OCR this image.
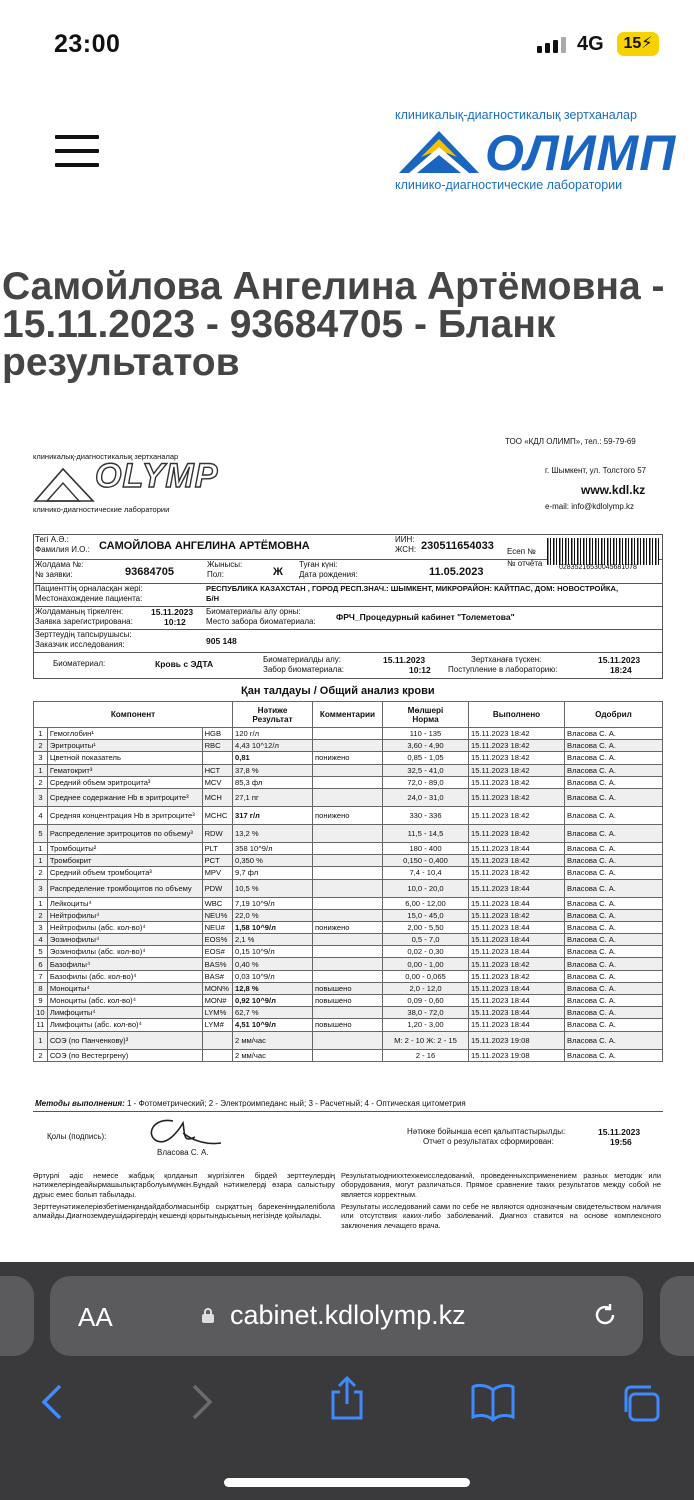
23:00	4G	15⚡
клиникалық-диагностикалық зертханалар
ОЛИМП
клинико-диагностические лаборатории
Самойлова Ангелина Артёмовна - 15.11.2023 - 93684705 - Бланк результатов
ТОО «КДЛ ОЛИМП», тел.: 59-79-69
г. Шымкент, ул. Толстого 57
www.kdl.kz
e-mail: info@kdlolymp.kz
клиникалық-диагностикалық зертханалар
OLYMP
клинико-диагностические лаборатории
Тегі А.Ә.:
Фамилия И.О.: САМОЙЛОВА АНГЕЛИНА АРТЁМОВНА
ИИН:
ЖСН: 230511654033 Есеп №
№ отчёта 02835216530045681078
Жолдама №:
№ заявки:	93684705
Жынысы:
Пол:	Ж
Туған күні:
Дата рождения:	11.05.2023
Пациенттің орналасқан жері:
Местонахождение пациента:
РЕСПУБЛИКА КАЗАХСТАН , ГОРОД РЕСП.ЗНАЧ.: ШЫМКЕНТ, МИКРОРАЙОН: КАЙТПАС, ДОМ: НОВОСТРОЙКА,
Б/Н
Жолдаманың тіркелген:
Заявка зарегистрирована:
15.11.2023
10:12
Биоматериалы алу орны:
Место забора биоматериала: ФРЧ_Процедурный кабинет "Толеметова"
Зерттеудің тапсырушысы:
Заказчик исследования:	905 148
Биоматериал:	Кровь с ЭДТА	Биоматериалды алу:
Забор биоматериала:
15.11.2023
10:12
Зертханаға түскен:
Поступление в лабораторию:
15.11.2023
18:24
Қан талдауы / Общий анализ крови
Компонент			Нәтиже
Результат	Комментарии	Мөлшері
Норма	Выполнено	Одобрил
1	Гемоглобин¹	HGB	120 г/л		110 - 135	15.11.2023 18:42	Власова С. А.
2	Эритроциты¹	RBC	4,43 10^12/л		3,60 - 4,90	15.11.2023 18:42	Власова С. А.
3	Цветной показатель		0,81	понижено	0,85 - 1,05	15.11.2023 18:42	Власова С. А.
1	Гематокрит³	HCT	37,8 %		32,5 - 41,0	15.11.2023 18:42	Власова С. А.
2	Средний объем эритроцита³	MCV	85,3 фл		72,0 - 89,0	15.11.2023 18:42	Власова С. А.
3	Среднее содержание Hb в эритроците³	MCH	27,1 пг		24,0 - 31,0	15.11.2023 18:42	Власова С. А.
4	Средняя концентрация Hb в эритроците³	MCHC	317 г/л	понижено	330 - 336	15.11.2023 18:42	Власова С. А.
5	Распределение эритроцитов по объему³	RDW	13,2 %		11,5 - 14,5	15.11.2023 18:42	Власова С. А.
1	Тромбоциты²	PLT	358 10^9/л		180 - 400	15.11.2023 18:44	Власова С. А.
1	Тромбокрит	PCT	0,350 %		0,150 - 0,400	15.11.2023 18:42	Власова С. А.
2	Средний объем тромбоцита³	MPV	9,7 фл		7,4 - 10,4	15.11.2023 18:42	Власова С. А.
3	Распределение тромбоцитов по объему	PDW	10,5 %		10,0 - 20,0	15.11.2023 18:44	Власова С. А.
1	Лейкоциты⁴	WBC	7,19 10^9/л		6,00 - 12,00	15.11.2023 18:44	Власова С. А.
2	Нейтрофилы⁴	NEU%	22,0 %		15,0 - 45,0	15.11.2023 18:42	Власова С. А.
3	Нейтрофилы (абс. кол-во)⁴	NEU#	1,58 10^9/л	понижено	2,00 - 5,50	15.11.2023 18:44	Власова С. А.
4	Эозинофилы⁴	EOS%	2,1 %		0,5 - 7,0	15.11.2023 18:44	Власова С. А.
5	Эозинофилы (абс. кол-во)⁴	EOS#	0,15 10^9/л		0,02 - 0,30	15.11.2023 18:44	Власова С. А.
6	Базофилы⁴	BAS%	0,40 %		0,00 - 1,00	15.11.2023 18:42	Власова С. А.
7	Базофилы (абс. кол-во)⁴	BAS#	0,03 10^9/л		0,00 - 0,065	15.11.2023 18:42	Власова С. А.
8	Моноциты⁴	MON%	12,8 %	повышено	2,0 - 12,0	15.11.2023 18:44	Власова С. А.
9	Моноциты (абс. кол-во)⁴	MON#	0,92 10^9/л	повышено	0,09 - 0,60	15.11.2023 18:44	Власова С. А.
10	Лимфоциты⁴	LYM%	62,7 %		38,0 - 72,0	15.11.2023 18:44	Власова С. А.
11	Лимфоциты (абс. кол-во)⁴	LYM#	4,51 10^9/л	повышено	1,20 - 3,00	15.11.2023 18:44	Власова С. А.
1	СОЭ (по Панченкову)³		2 мм/час		М: 2 - 10 Ж: 2 - 15	15.11.2023 19:08	Власова С. А.
2	СОЭ (по Вестергрену)		2 мм/час		2 - 16	15.11.2023 19:08	Власова С. А.
Методы выполнения: 1 - Фотометрический; 2 - Электроимпеданс ный; 3 - Расчетный; 4 - Оптическая цитометрия
Қолы (подпись):
Власова С. А.
Нәтиже бойынша есеп қалыптастырылды:
Отчет о результатах сформирован:
15.11.2023
19:56
Әртүрлі әдіс немесе жабдық қолданып жүргізілген бірдей зерттеулердің нәтижелеріндеайырмашылықтарболуымүмкін.Бұндай нәтижелерді өзара салыстыру дұрыс емес болып табылады.
Результатыодниххтехжеисследований, проведенныхсприменением разных методик или оборудования, могут различаться. Прямое сравнение таких результатов между собой не является корректным.
Зерттеунәтижелеріөзбетіменқандайдаболмасынбір сырқаттың барекенінңдәлелібола алмайды.Диагноземдеушідәрігердің кешенді қорытындысының негізінде қойылады.
Результаты исследований сами по себе не являются однозначным свидетельством наличия или отсутствия каких-либо заболеваний. Диагноз ставится на основе комплексного заключения лечащего врача.
AA	cabinet.kdlolymp.kz
